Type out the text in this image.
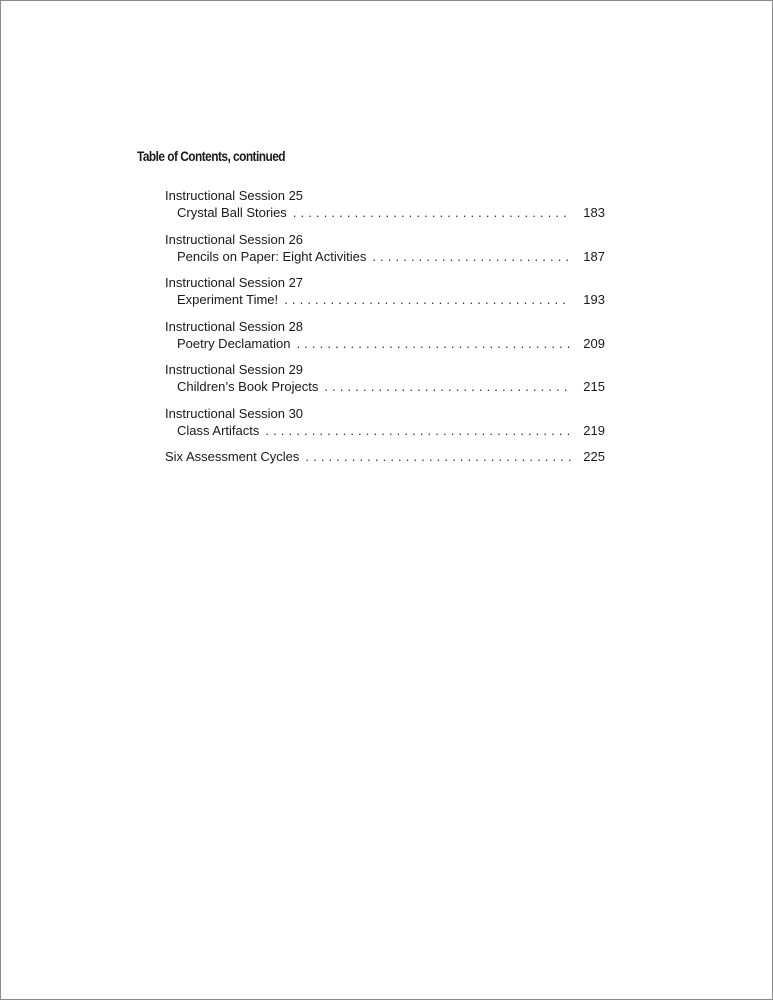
Table of Contents, continued
Instructional Session 25
Crystal Ball Stories . . .	183
Instructional Session 26
Pencils on Paper: Eight Activities . . .	187
Instructional Session 27
Experiment Time! . . .	193
Instructional Session 28
Poetry Declamation . . .	209
Instructional Session 29
Children’s Book Projects . . .	215
Instructional Session 30
Class Artifacts . . .	219
Six Assessment Cycles . . .	225
